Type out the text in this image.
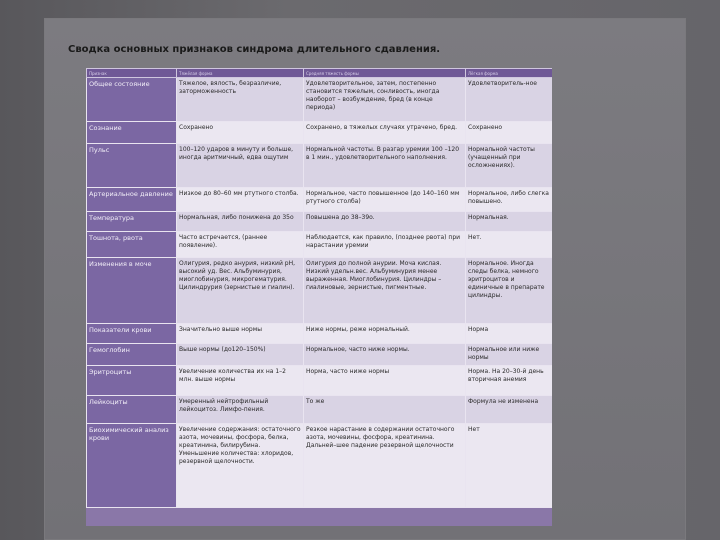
Сводка основных признаков синдрома длительного сдавления.
Признак	Тяжёлая форма	Средняя тяжесть формы	Лёгкая форма
Общее состояние	Тяжелое, вялость, безразличие, заторможенность	Удовлетворительное, затем, постепенно становится тяжелым, сонливость, иногда наоборот – возбуждение, бред (в конце периода)	Удовлетворитель-ное
Сознание	Сохранено	Сохранено, в тяжелых случаях утрачено, бред.	Сохранено
Пульс	100–120 ударов в минуту и больше, иногда аритмичный, едва ощутим	Нормальной частоты. В разгар уремии 100 –120 в 1 мин., удовлетворительного наполнения.	Нормальной частоты (учащенный при осложнениях).
Артериальное давление	Низкое до 80–60 мм ртутного столба.	Нормальное, часто повышенное (до 140–160 мм ртутного столба)	Нормальное, либо слегка повышено.
Температура	Нормальная, либо понижена до 35о	Повышена до 38–39о.	Нормальная.
Тошнота, рвота	Часто встречается, (раннее появление).	Наблюдается, как правило, (позднее рвота) при нарастании уремии	Нет.
Изменения в моче	Олигурия, редко анурия, низкий рН, высокий уд. Вес. Альбуминурия, миоглобинурия, микрогематурия. Цилиндрурия (зернистые и гиалин).	Олигурия до полной анурии. Моча кислая. Низкий удельн.вес. Альбуминурия менее выраженная. Миоглобинурия. Цилиндры – гиалиновые, зернистые, пигментные.	Нормальное. Иногда следы белка, немного эритроцитов и единичные в препарате цилиндры.
Показатели крови	Значительно выше нормы	Ниже нормы, реже нормальный.	Норма
Гемоглобин	Выше нормы (до120–150%)	Нормальное, часто ниже нормы.	Нормальное или ниже нормы
Эритроциты	Увеличение количества их на 1–2 млн. выше нормы	Норма, часто ниже нормы	Норма. На 20–30-й день вторичная анемия
Лейкоциты	Умеренный нейтрофильный лейкоцитоз. Лимфо-пения.	То же	Формула не изменена
Биохимический анализ крови	Увеличение содержания: остаточного азота, мочевины, фосфора, белка, креатинина, билирубина. Уменьшение количества: хлоридов, резервной щелочности.	Резкое нарастание в содержании остаточного азота, мочевины, фосфора, креатинина. Дальней–шее падение резервной щелочности	Нет
